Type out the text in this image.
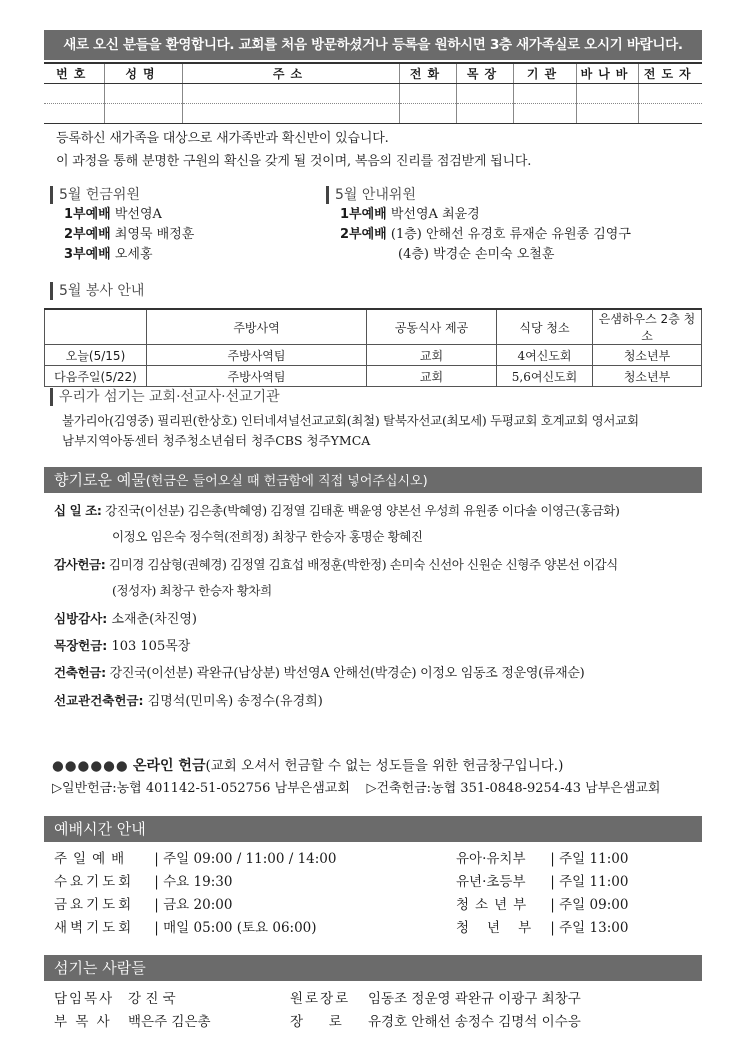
새로 오신 분들을 환영합니다. 교회를 처음 방문하셨거나 등록을 원하시면 3층 새가족실로 오시기 바랍니다.
번호	성명	주소	전화	목장	기관	바나바	전도자

등록하신 새가족을 대상으로 새가족반과 확신반이 있습니다.
이 과정을 통해 분명한 구원의 확신을 갖게 될 것이며, 복음의 진리를 점검받게 됩니다.
5월 헌금위원
1부예배 박선영A
2부예배 최영묵 배정훈
3부예배 오세홍
5월 안내위원
1부예배 박선영A 최윤경
2부예배 (1층) 안해선 유경호 류재순 유원종 김영구
(4층) 박경순 손미숙 오철훈
5월 봉사 안내
	주방사역	공동식사 제공	식당 청소	은샘하우스 2층 청소
오늘(5/15)	주방사역팀	교회	4여신도회	청소년부
다음주일(5/22)	주방사역팀	교회	5,6여신도회	청소년부
우리가 섬기는 교회·선교사·선교기관
불가리아(김영중) 필리핀(한상호) 인터네셔널선교교회(최철) 탈북자선교(최모세) 두평교회 호계교회 영서교회
남부지역아동센터 청주청소년쉼터 청주CBS 청주YMCA
향기로운 예물(헌금은 들어오실 때 헌금함에 직접 넣어주십시오)
십 일 조: 강진국(이선분) 김은총(박혜영) 김정열 김태훈 백윤영 양본선 우성희 유원종 이다솔 이영근(홍금화)
이정오 임은숙 정수혁(전희정) 최창구 한승자 홍명순 황혜진
감사헌금: 김미경 김삼형(권혜경) 김정열 김효섭 배정훈(박한정) 손미숙 신선아 신원순 신형주 양본선 이갑식
(정성자) 최창구 한승자 황차희
심방감사: 소재춘(차진영)
목장헌금: 103 105목장
건축헌금: 강진국(이선분) 곽완규(남상분) 박선영A 안해선(박경순) 이정오 임동조 정운영(류재순)
선교관건축헌금: 김명석(민미옥) 송정수(유경희)
●●●●●● 온라인 헌금(교회 오셔서 헌금할 수 없는 성도들을 위한 헌금창구입니다.)
▷일반헌금:농협 401142-51-052756 남부은샘교회 ▷건축헌금:농협 351-0848-9254-43 남부은샘교회
예배시간 안내
주일예배 | 주일 09:00 / 11:00 / 14:00
수요기도회 | 수요 19:30
금요기도회 | 금요 20:00
새벽기도회 | 매일 05:00 (토요 06:00)
유아·유치부 | 주일 11:00
유년·초등부 | 주일 11:00
청소년부 | 주일 09:00
청년부 | 주일 13:00
섬기는 사람들
담임목사 강 진 국	원로장로 임동조 정운영 곽완규 이광구 최창구
부 목 사 백은주 김은총	장      로 유경호 안해선 송정수 김명석 이수응
